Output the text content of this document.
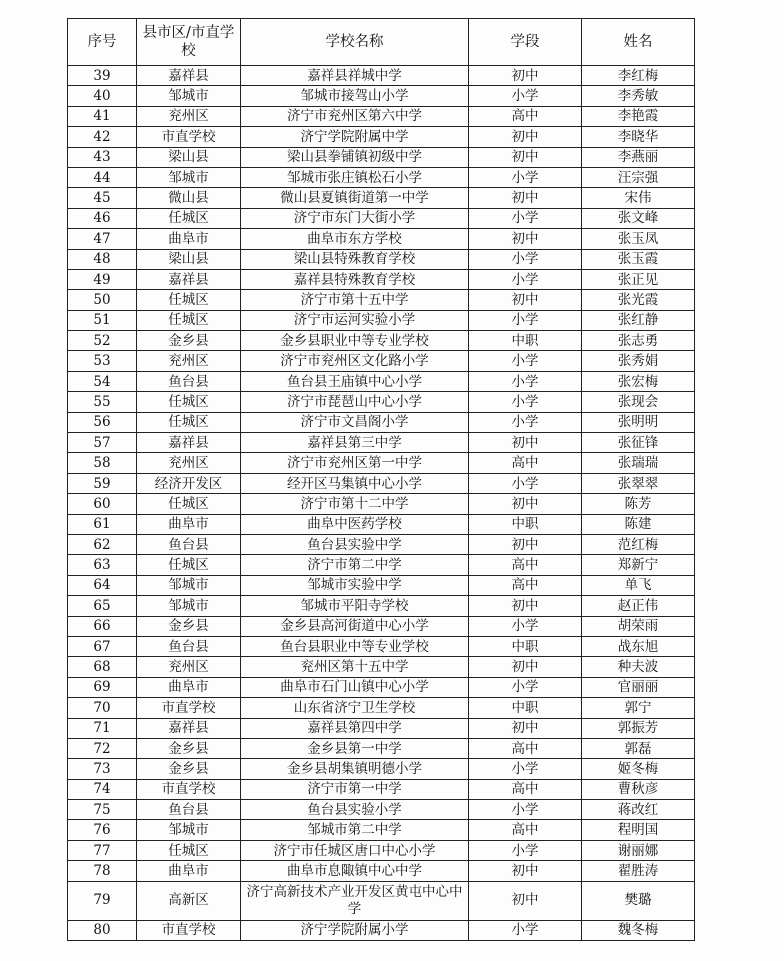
序号	县市区/市直学校	学校名称	学段	姓名
39	嘉祥县	嘉祥县祥城中学	初中	李红梅
40	邹城市	邹城市接驾山小学	小学	李秀敏
41	兖州区	济宁市兖州区第六中学	高中	李艳霞
42	市直学校	济宁学院附属中学	初中	李晓华
43	梁山县	梁山县拳铺镇初级中学	初中	李燕丽
44	邹城市	邹城市张庄镇松石小学	小学	汪宗强
45	微山县	微山县夏镇街道第一中学	初中	宋伟
46	任城区	济宁市东门大街小学	小学	张文峰
47	曲阜市	曲阜市东方学校	初中	张玉凤
48	梁山县	梁山县特殊教育学校	小学	张玉霞
49	嘉祥县	嘉祥县特殊教育学校	小学	张正见
50	任城区	济宁市第十五中学	初中	张光霞
51	任城区	济宁市运河实验小学	小学	张红静
52	金乡县	金乡县职业中等专业学校	中职	张志勇
53	兖州区	济宁市兖州区文化路小学	小学	张秀娟
54	鱼台县	鱼台县王庙镇中心小学	小学	张宏梅
55	任城区	济宁市琵琶山中心小学	小学	张现会
56	任城区	济宁市文昌阁小学	小学	张明明
57	嘉祥县	嘉祥县第三中学	初中	张征锋
58	兖州区	济宁市兖州区第一中学	高中	张瑞瑞
59	经济开发区	经开区马集镇中心小学	小学	张翠翠
60	任城区	济宁市第十二中学	初中	陈芳
61	曲阜市	曲阜中医药学校	中职	陈建
62	鱼台县	鱼台县实验中学	初中	范红梅
63	任城区	济宁市第二中学	高中	郑新宁
64	邹城市	邹城市实验中学	高中	单飞
65	邹城市	邹城市平阳寺学校	初中	赵正伟
66	金乡县	金乡县高河街道中心小学	小学	胡荣雨
67	鱼台县	鱼台县职业中等专业学校	中职	战东旭
68	兖州区	兖州区第十五中学	初中	种夫波
69	曲阜市	曲阜市石门山镇中心小学	小学	官丽丽
70	市直学校	山东省济宁卫生学校	中职	郭宁
71	嘉祥县	嘉祥县第四中学	初中	郭振芳
72	金乡县	金乡县第一中学	高中	郭磊
73	金乡县	金乡县胡集镇明德小学	小学	姬冬梅
74	市直学校	济宁市第一中学	高中	曹秋彦
75	鱼台县	鱼台县实验小学	小学	蒋改红
76	邹城市	邹城市第二中学	高中	程明国
77	任城区	济宁市任城区唐口中心小学	小学	谢丽娜
78	曲阜市	曲阜市息陬镇中心中学	初中	翟胜涛
79	高新区	济宁高新技术产业开发区黄屯中心中学	初中	樊璐
80	市直学校	济宁学院附属小学	小学	魏冬梅
